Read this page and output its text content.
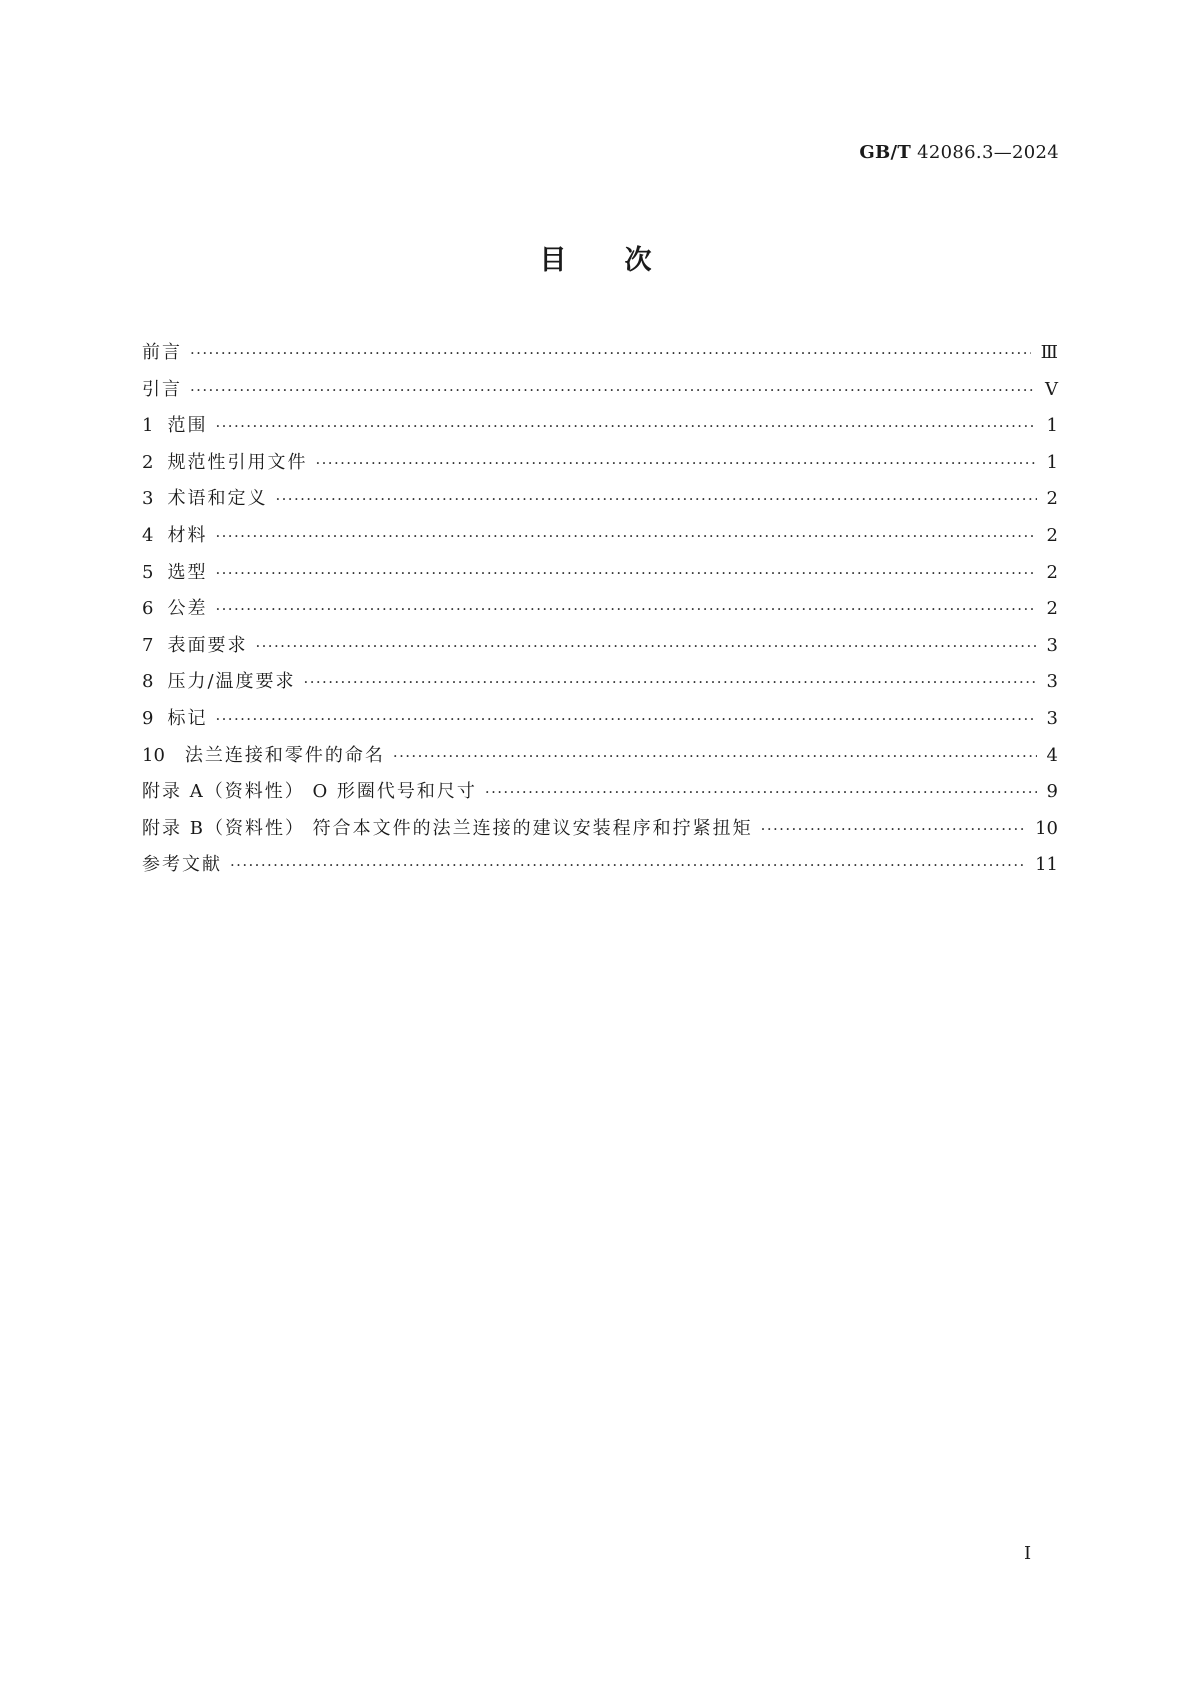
GB/T 42086.3—2024
目 次
前言 ·····	Ⅲ
引言 ·····	Ⅴ
1 范围 ·····	1
2 规范性引用文件 ·····	1
3 术语和定义 ·····	2
4 材料 ·····	2
5 选型 ·····	2
6 公差 ·····	2
7 表面要求 ·····	3
8 压力/温度要求 ·····	3
9 标记 ·····	3
10 法兰连接和零件的命名 ·····	4
附录 A（资料性） O 形圈代号和尺寸 ·····	9
附录 B（资料性） 符合本文件的法兰连接的建议安装程序和拧紧扭矩 ·····	10
参考文献 ·····	11
Ⅰ
